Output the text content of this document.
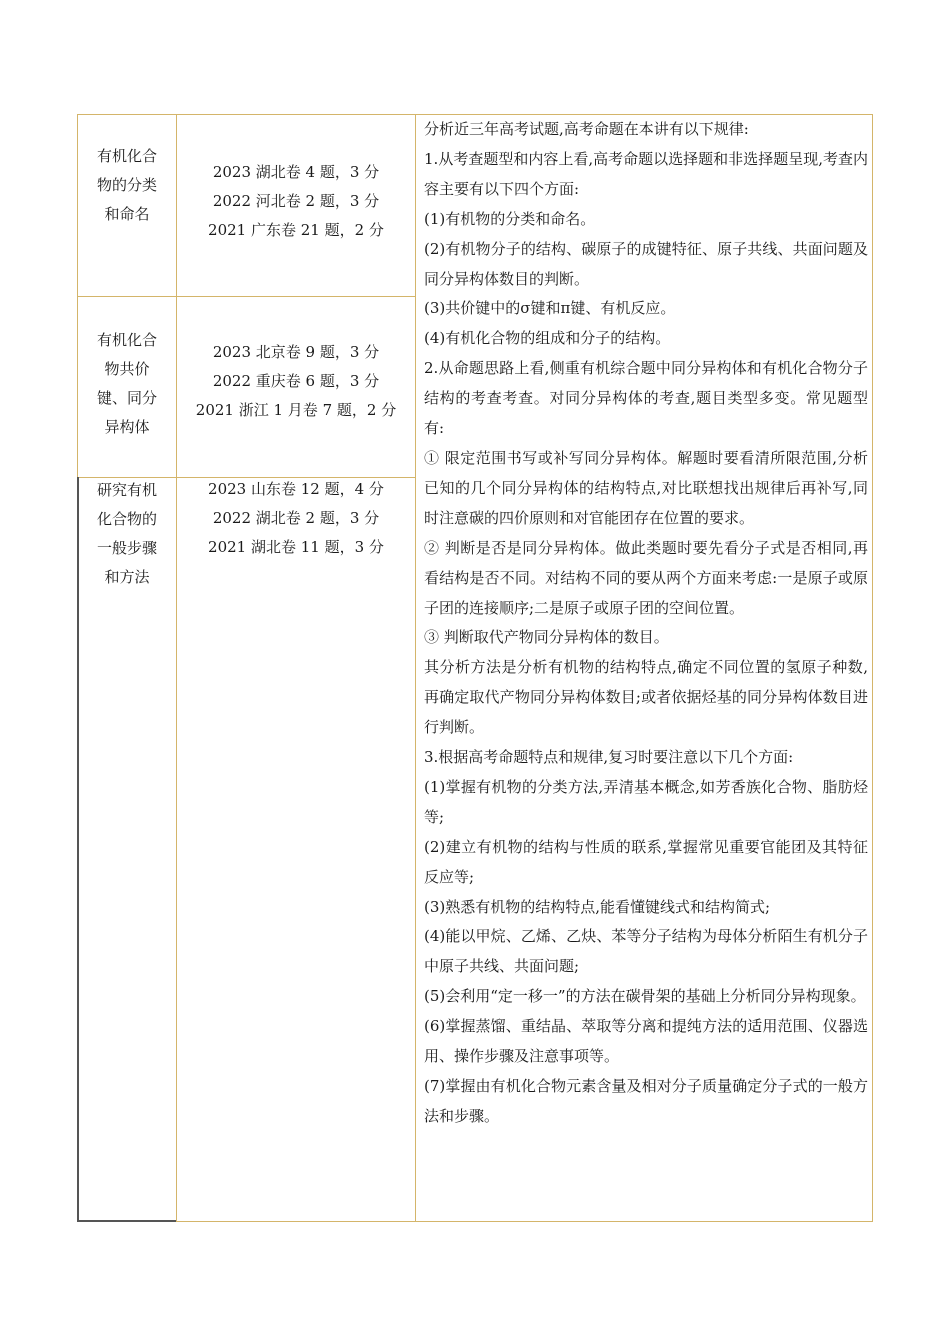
有机化合
物的分类
和命名
2023 湖北卷 4 题，3 分
2022 河北卷 2 题，3 分
2021 广东卷 21 题，2 分
有机化合
物共价
键、同分
异构体
2023 北京卷 9 题，3 分
2022 重庆卷 6 题，3 分
2021 浙江 1 月卷 7 题，2 分
研究有机
化合物的
一般步骤
和方法
2023 山东卷 12 题，4 分
2022 湖北卷 2 题，3 分
2021 湖北卷 11 题，3 分
分析近三年高考试题,高考命题在本讲有以下规律:
1.从考查题型和内容上看,高考命题以选择题和非选择题呈现,考查内容主要有以下四个方面:
(1)有机物的分类和命名。
(2)有机物分子的结构、碳原子的成键特征、原子共线、共面问题及同分异构体数目的判断。
(3)共价键中的σ键和π键、有机反应。
(4)有机化合物的组成和分子的结构。
2.从命题思路上看,侧重有机综合题中同分异构体和有机化合物分子结构的考查考查。对同分异构体的考查,题目类型多变。常见题型有:
① 限定范围书写或补写同分异构体。解题时要看清所限范围,分析已知的几个同分异构体的结构特点,对比联想找出规律后再补写,同时注意碳的四价原则和对官能团存在位置的要求。
② 判断是否是同分异构体。做此类题时要先看分子式是否相同,再看结构是否不同。对结构不同的要从两个方面来考虑:一是原子或原子团的连接顺序;二是原子或原子团的空间位置。
③ 判断取代产物同分异构体的数目。
其分析方法是分析有机物的结构特点,确定不同位置的氢原子种数,再确定取代产物同分异构体数目;或者依据烃基的同分异构体数目进行判断。
3.根据高考命题特点和规律,复习时要注意以下几个方面:
(1)掌握有机物的分类方法,弄清基本概念,如芳香族化合物、脂肪烃等;
(2)建立有机物的结构与性质的联系,掌握常见重要官能团及其特征反应等;
(3)熟悉有机物的结构特点,能看懂键线式和结构简式;
(4)能以甲烷、乙烯、乙炔、苯等分子结构为母体分析陌生有机分子中原子共线、共面问题;
(5)会利用“定一移一”的方法在碳骨架的基础上分析同分异构现象。
(6)掌握蒸馏、重结晶、萃取等分离和提纯方法的适用范围、仪器选用、操作步骤及注意事项等。
(7)掌握由有机化合物元素含量及相对分子质量确定分子式的一般方法和步骤。
